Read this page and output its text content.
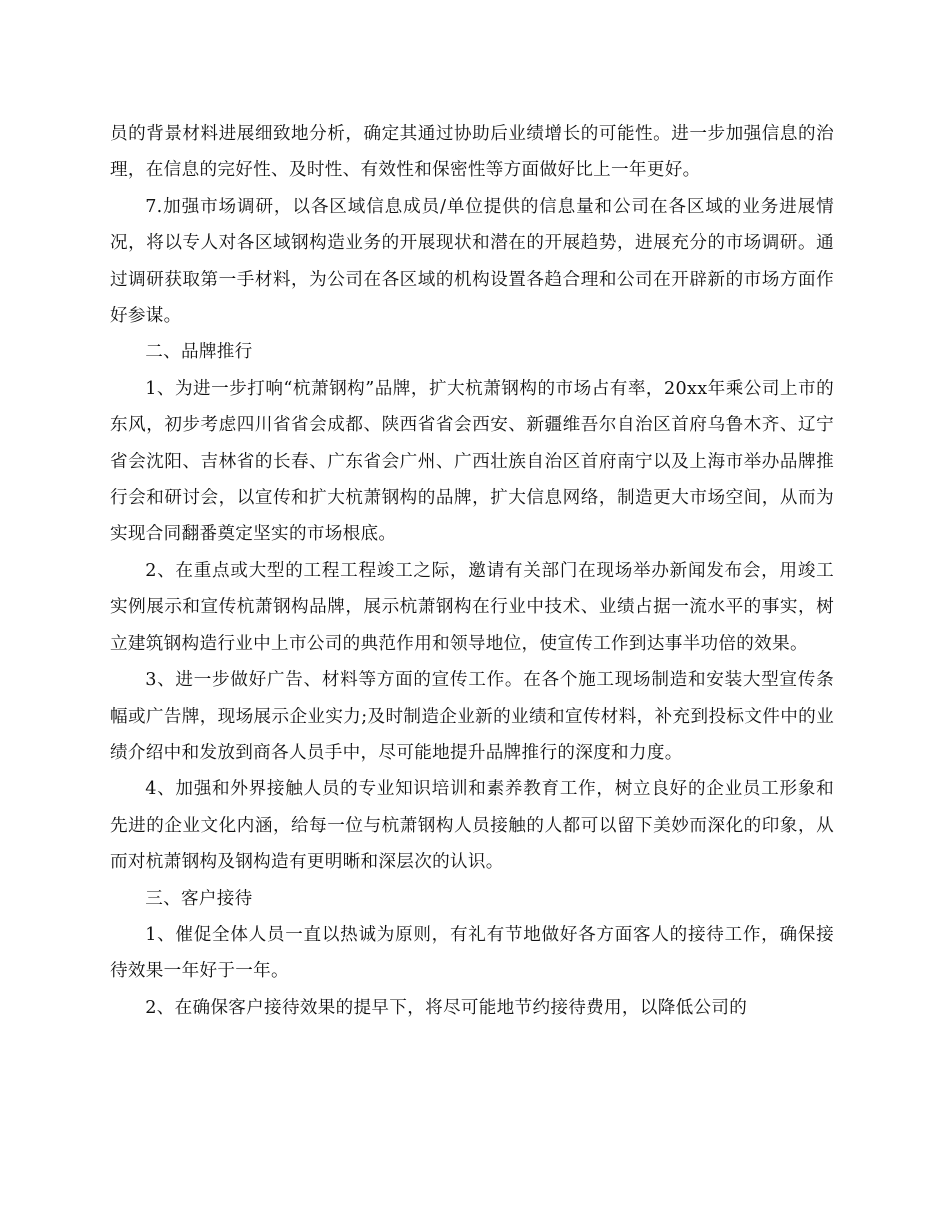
员的背景材料进展细致地分析，确定其通过协助后业绩增长的可能性。进一步加强信息的治理，在信息的完好性、及时性、有效性和保密性等方面做好比上一年更好。

7.加强市场调研，以各区域信息成员/单位提供的信息量和公司在各区域的业务进展情况，将以专人对各区域钢构造业务的开展现状和潜在的开展趋势，进展充分的市场调研。通过调研获取第一手材料，为公司在各区域的机构设置各趋合理和公司在开辟新的市场方面作好参谋。

二、品牌推行

1、为进一步打响“杭萧钢构”品牌，扩大杭萧钢构的市场占有率，20xx年乘公司上市的东风，初步考虑四川省省会成都、陕西省省会西安、新疆维吾尔自治区首府乌鲁木齐、辽宁省会沈阳、吉林省的长春、广东省会广州、广西壮族自治区首府南宁以及上海市举办品牌推行会和研讨会，以宣传和扩大杭萧钢构的品牌，扩大信息网络，制造更大市场空间，从而为实现合同翻番奠定坚实的市场根底。

2、在重点或大型的工程工程竣工之际，邀请有关部门在现场举办新闻发布会，用竣工实例展示和宣传杭萧钢构品牌，展示杭萧钢构在行业中技术、业绩占据一流水平的事实，树立建筑钢构造行业中上市公司的典范作用和领导地位，使宣传工作到达事半功倍的效果。

3、进一步做好广告、材料等方面的宣传工作。在各个施工现场制造和安装大型宣传条幅或广告牌，现场展示企业实力;及时制造企业新的业绩和宣传材料，补充到投标文件中的业绩介绍中和发放到商各人员手中，尽可能地提升品牌推行的深度和力度。

4、加强和外界接触人员的专业知识培训和素养教育工作，树立良好的企业员工形象和先进的企业文化内涵，给每一位与杭萧钢构人员接触的人都可以留下美妙而深化的印象，从而对杭萧钢构及钢构造有更明晰和深层次的认识。

三、客户接待

1、催促全体人员一直以热诚为原则，有礼有节地做好各方面客人的接待工作，确保接待效果一年好于一年。

2、在确保客户接待效果的提早下，将尽可能地节约接待费用，以降低公司的
